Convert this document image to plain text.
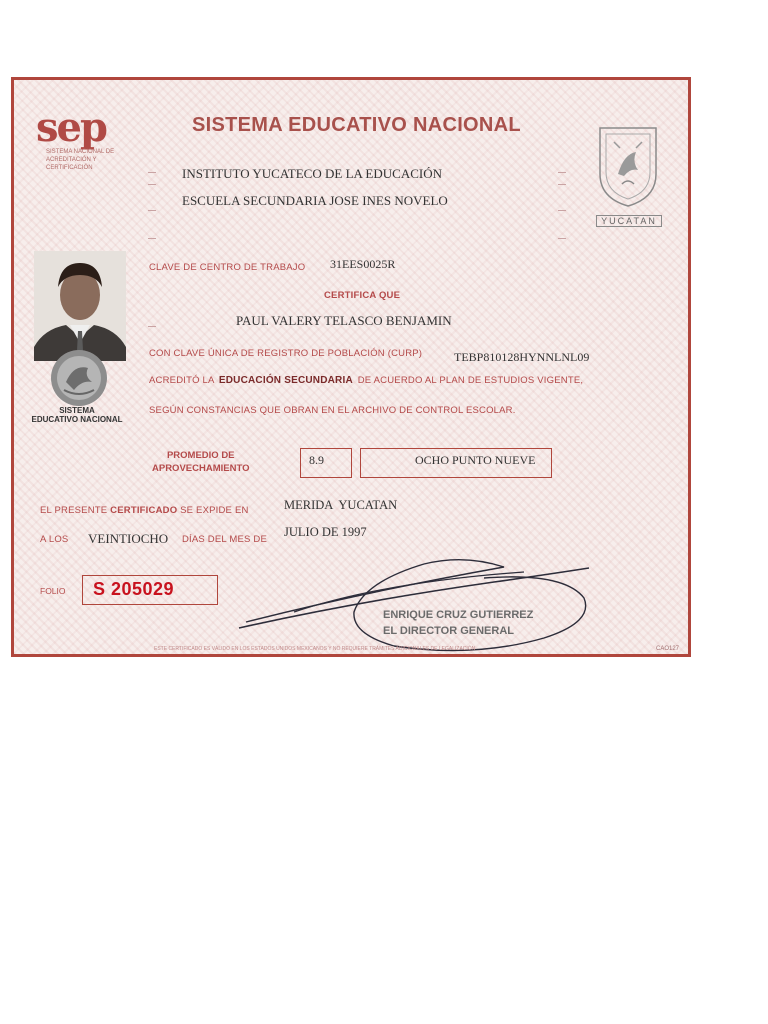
sep
SISTEMA NACIONAL DE ACREDITACIÓN Y CERTIFICACIÓN
SISTEMA EDUCATIVO NACIONAL
YUCATAN
INSTITUTO YUCATECO DE LA EDUCACIÓN
ESCUELA SECUNDARIA JOSE INES NOVELO
SISTEMA
EDUCATIVO NACIONAL
CLAVE DE CENTRO DE TRABAJO 31EES0025R
CERTIFICA QUE
PAUL VALERY TELASCO BENJAMIN
CON CLAVE ÚNICA DE REGISTRO DE POBLACIÓN (CURP)	TEBP810128HYNNLNL09
ACREDITÓ LA EDUCACIÓN SECUNDARIA DE ACUERDO AL PLAN DE ESTUDIOS VIGENTE,
SEGÚN CONSTANCIAS QUE OBRAN EN EL ARCHIVO DE CONTROL ESCOLAR.
PROMEDIO DE
APROVECHAMIENTO
8.9	OCHO PUNTO NUEVE
EL PRESENTE CERTIFICADO SE EXPIDE EN	MERIDA  YUCATAN
A LOS VEINTIOCHO DÍAS DEL MES DE
JULIO DE 1997
FOLIO	S 205029
ENRIQUE CRUZ GUTIERREZ
EL DIRECTOR GENERAL
ESTE CERTIFICADO ES VÁLIDO EN LOS ESTADOS UNIDOS MEXICANOS Y NO REQUIERE TRÁMITES ADICIONALES DE LEGALIZACIÓN	CAO127
